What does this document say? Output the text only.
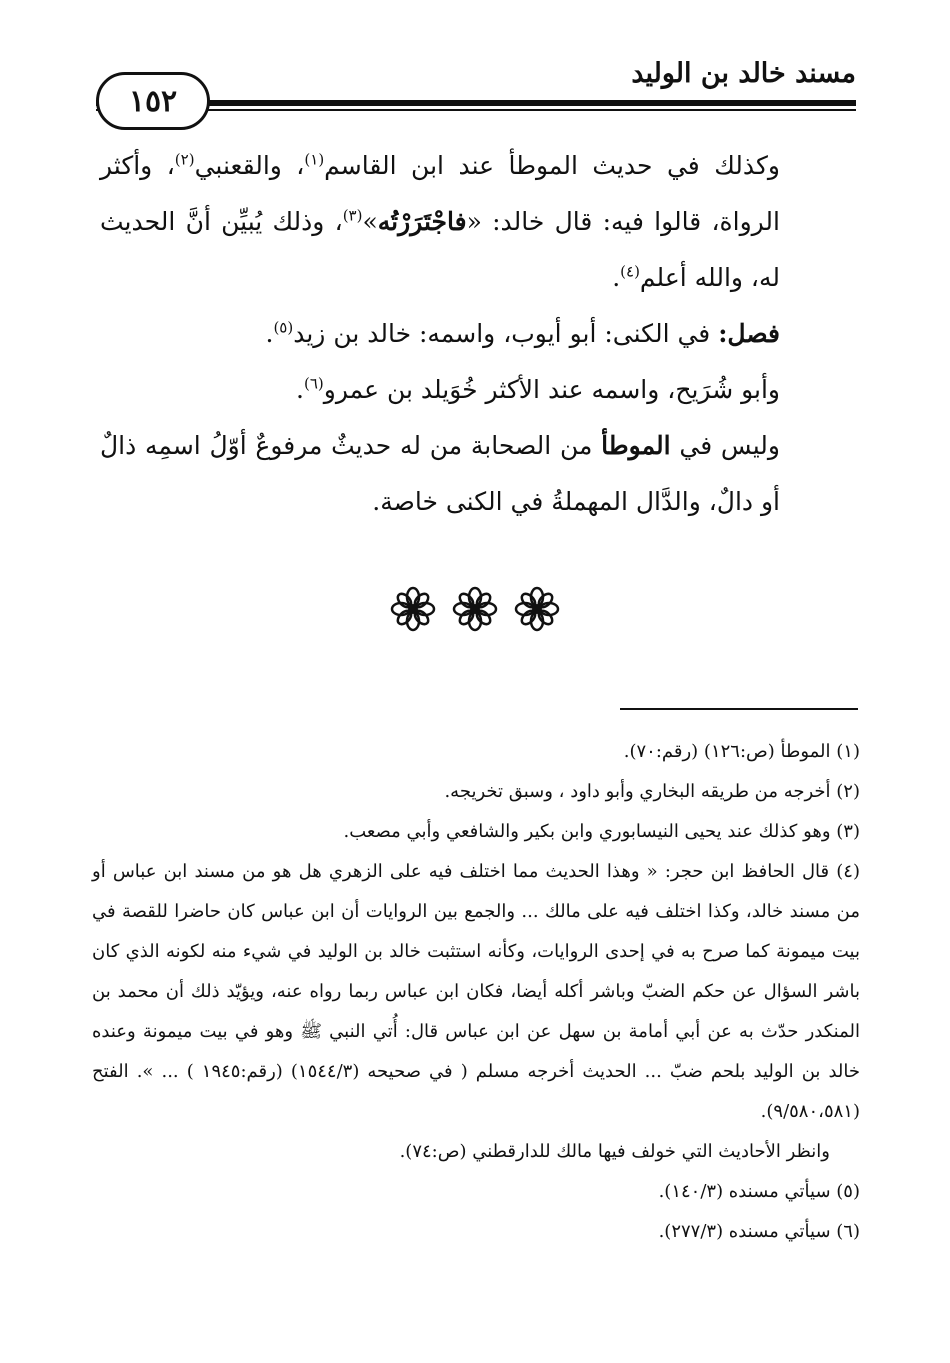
مسند خالد بن الوليد
١٥٢

وكذلك في حديث الموطأ عند ابن القاسم$^{(١)}$، والقعنبي$^{(٢)}$، وأكثر الرواة، قالوا فيه: قال خالد: «فاجْتَرَرْتُه»$^{(٣)}$، وذلك يُبيِّن أنَّ الحديث له، والله أعلم$^{(٤)}$.

فصل: في الكنى: أبو أيوب، واسمه: خالد بن زيد$^{(٥)}$.

وأبو شُرَيح، واسمه عند الأكثر خُوَيلد بن عمرو$^{(٦)}$.

وليس في الموطأ من الصحابة من له حديثٌ مرفوعٌ أوّلُ اسمِه ذالٌ أو دالٌ، والدَّال المهملةُ في الكنى خاصة.

(١) الموطأ (ص:١٢٦) (رقم:٧٠).

(٢) أخرجه من طريقه البخاري وأبو داود ، وسبق تخريجه.

(٣) وهو كذلك عند يحيى النيسابوري وابن بكير والشافعي وأبي مصعب.

(٤) قال الحافظ ابن حجر: « وهذا الحديث مما اختلف فيه على الزهري هل هو من مسند ابن عباس أو من مسند خالد، وكذا اختلف فيه على مالك ... والجمع بين الروايات أن ابن عباس كان حاضرا للقصة في بيت ميمونة كما صرح به في إحدى الروايات، وكأنه استثبت خالد بن الوليد في شيء منه لكونه الذي كان باشر السؤال عن حكم الضبّ وباشر أكله أيضا، فكان ابن عباس ربما رواه عنه، ويؤيّد ذلك أن محمد بن المنكدر حدّث به عن أبي أمامة بن سهل عن ابن عباس قال: أُتي النبي ﷺ وهو في بيت ميمونة وعنده خالد بن الوليد بلحم ضبّ ... الحديث أخرجه مسلم ( في صحيحه (١٥٤٤/٣) (رقم:١٩٤٥ ) ... ». الفتح (٩/٥٨٠،٥٨١).

وانظر الأحاديث التي خولف فيها مالك للدارقطني (ص:٧٤).

(٥) سيأتي مسنده (١٤٠/٣).

(٦) سيأتي مسنده (٢٧٧/٣).
